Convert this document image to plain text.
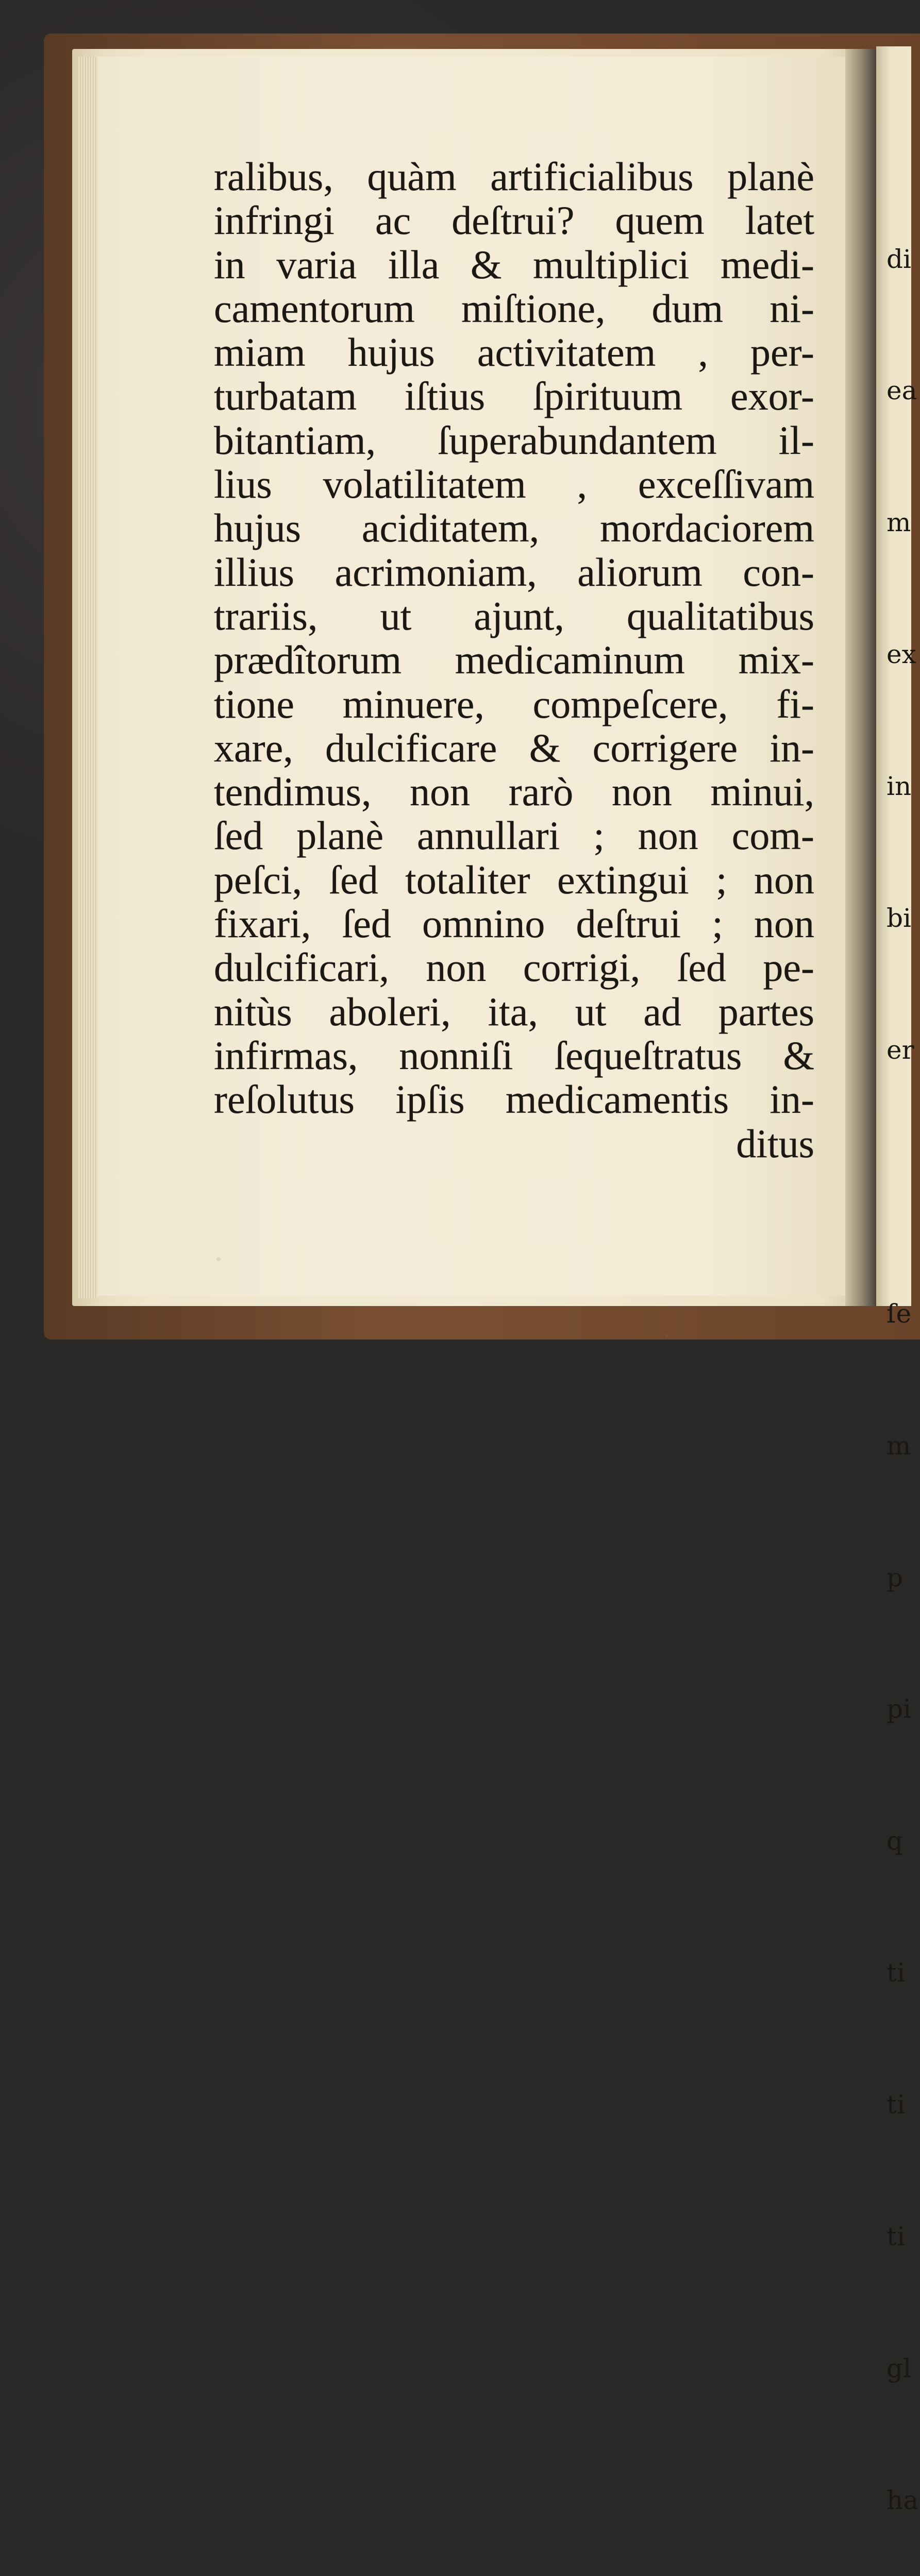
di

ea

m

ex

in

bi

er

ſe

m

p

pi

q

ti

ti

ti

gl

ha

ralibus, quàm artificialibus planè
infringi ac deſtrui? quem latet
in varia illa & multiplici medi-
camentorum miſtione, dum ni-
miam hujus activitatem , per-
turbatam iſtius ſpirituum exor-
bitantiam, ſuperabundantem il-
lius volatilitatem , exceſſivam
hujus aciditatem, mordaciorem
illius acrimoniam, aliorum con-
trariis, ut ajunt, qualitatibus
prædîtorum medicaminum mix-
tione minuere, compeſcere, fi-
xare, dulcificare & corrigere in-
tendimus, non rarò non minui,
ſed planè annullari ; non com-
peſci, ſed totaliter extingui ; non
fixari, ſed omnino deſtrui ; non
dulcificari, non corrigi, ſed pe-
nitùs aboleri, ita, ut ad partes
infirmas, nonniſi ſequeſtratus &
reſolutus ipſis medicamentis in-
ditus
